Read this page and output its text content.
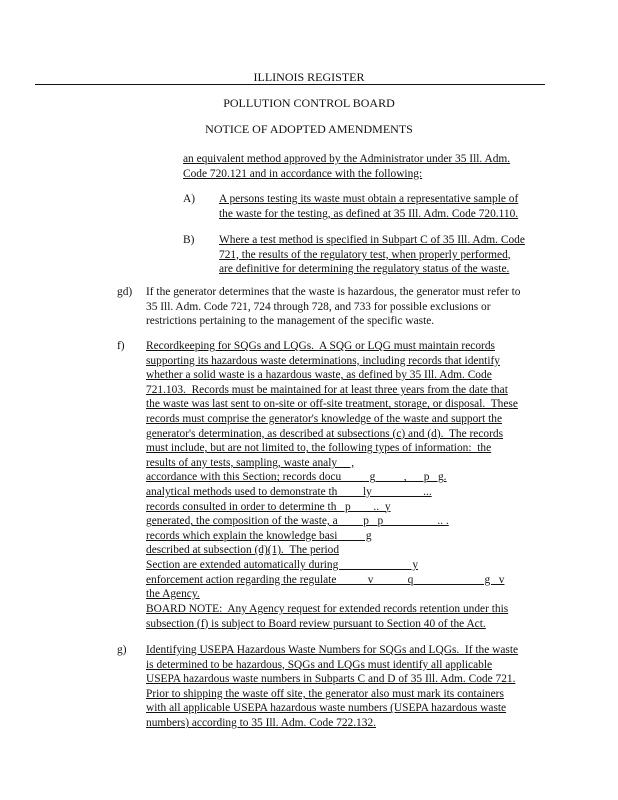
ILLINOIS REGISTER
POLLUTION CONTROL BOARD
NOTICE OF ADOPTED AMENDMENTS
an equivalent method approved by the Administrator under 35 Ill. Adm.
Code 720.121 and in accordance with the following:
A) A persons testing its waste must obtain a representative sample of
the waste for the testing, as defined at 35 Ill. Adm. Code 720.110.
B) Where a test method is specified in Subpart C of 35 Ill. Adm. Code
721, the results of the regulatory test, when properly performed,
are definitive for determining the regulatory status of the waste.
gd) If the generator determines that the waste is hazardous, the generator must refer to
35 Ill. Adm. Code 721, 724 through 728, and 733 for possible exclusions or
restrictions pertaining to the management of the specific waste.
f) Recordkeeping for SQGs and LQGs.  A SQG or LQG must maintain records
supporting its hazardous waste determinations, including records that identify
whether a solid waste is a hazardous waste, as defined by 35 Ill. Adm. Code
721.103.  Records must be maintained for at least three years from the date that
the waste was last sent to on-site or off-site treatment, storage, or disposal.  These
records must comprise the generator's knowledge of the waste and support the
generator's determination, as described at subsections (c) and (d).  The records
must include, but are not limited to, the following types of information:  the
results of any tests, sampling, waste analy     ,
accordance with this Section; records docu          g          ,      p   g.
analytical methods used to demonstrate th         ly                  ...
records consulted in order to determine th   p        ..  y
generated, the composition of the waste, a         p   p                   .. .
records which explain the knowledge basi          g
described at subsection (d)(1).  The period
Section are extended automatically during                          y
enforcement action regarding the regulate           v            q                         g   v
the Agency.
BOARD NOTE:  Any Agency request for extended records retention under this
subsection (f) is subject to Board review pursuant to Section 40 of the Act.
g) Identifying USEPA Hazardous Waste Numbers for SQGs and LQGs.  If the waste
is determined to be hazardous, SQGs and LQGs must identify all applicable
USEPA hazardous waste numbers in Subparts C and D of 35 Ill. Adm. Code 721.
Prior to shipping the waste off site, the generator also must mark its containers
with all applicable USEPA hazardous waste numbers (USEPA hazardous waste
numbers) according to 35 Ill. Adm. Code 722.132.
